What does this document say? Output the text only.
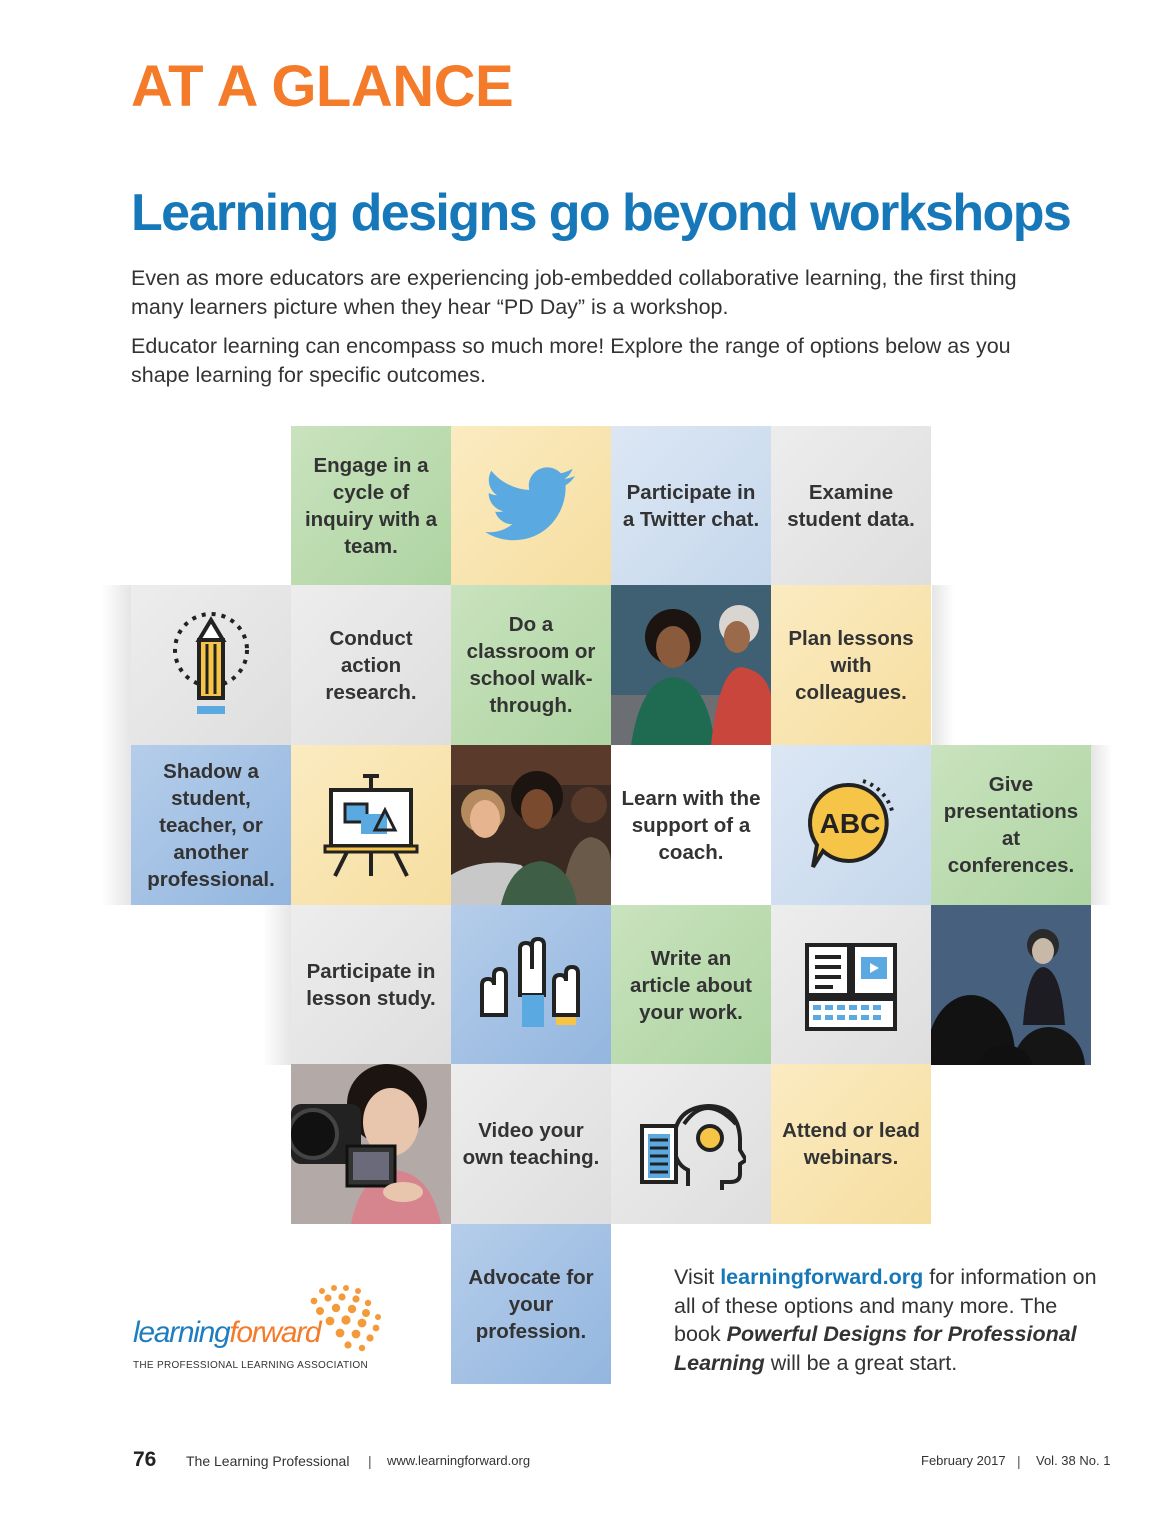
AT A GLANCE
Learning designs go beyond workshops

Even as more educators are experiencing job-embedded collaborative learning, the first thing many learners picture when they hear “PD Day” is a workshop.

Educator learning can encompass so much more! Explore the range of options below as you shape learning for specific outcomes.

Engage in a cycle of inquiry with a team.
Participate in a Twitter chat.
Examine student data.
Conduct action research.
Do a classroom or school walk-through.
Plan lessons with colleagues.
Shadow a student, teacher, or another professional.
Learn with the support of a coach.
ABC
Give presentations at conferences.
Participate in lesson study.
Write an article about your work.
Video your own teaching.
Attend or lead webinars.
Advocate for your profession.

Visit learningforward.org for information on all of these options and many more. The book Powerful Designs for Professional Learning will be a great start.

learningforward
THE PROFESSIONAL LEARNING ASSOCIATION
76 The Learning Professional | www.learningforward.org	February 2017 | Vol. 38 No. 1
